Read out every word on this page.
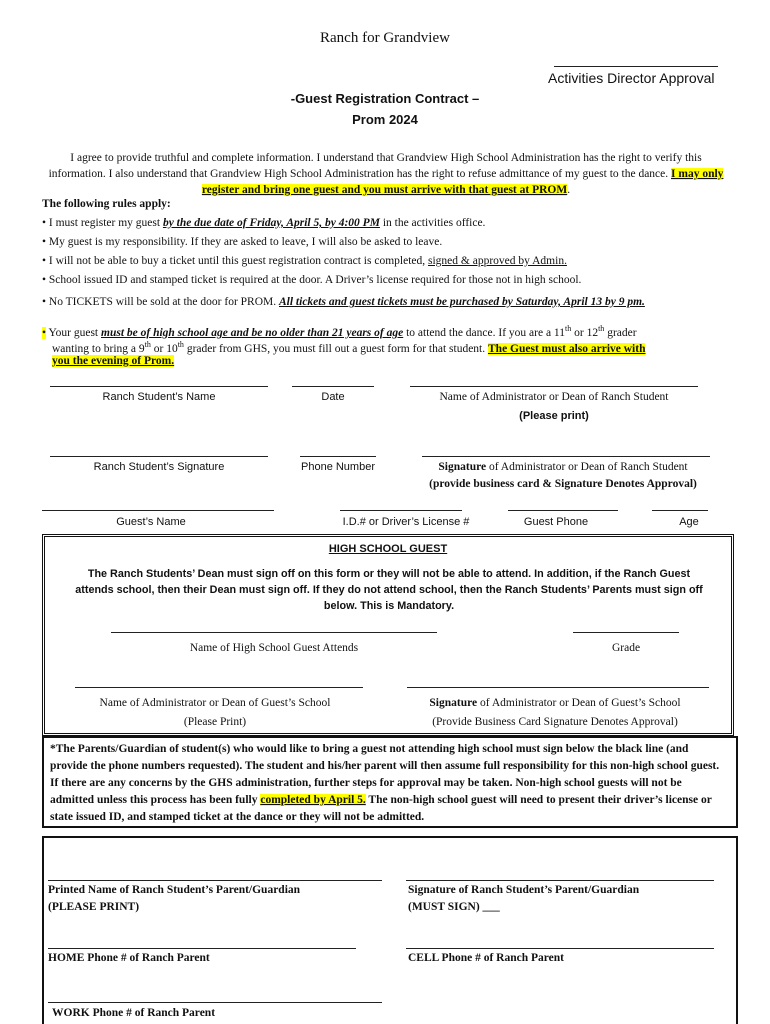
Ranch for Grandview
Activities Director Approval
-Guest Registration Contract –
Prom 2024
I agree to provide truthful and complete information. I understand that Grandview High School Administration has the right to verify this information. I also understand that Grandview High School Administration has the right to refuse admittance of my guest to the dance. I may only register and bring one guest and you must arrive with that guest at PROM.
The following rules apply:
• I must register my guest by the due date of Friday, April 5, by 4:00 PM in the activities office.
• My guest is my responsibility. If they are asked to leave, I will also be asked to leave.
• I will not be able to buy a ticket until this guest registration contract is completed, signed & approved by Admin.
• School issued ID and stamped ticket is required at the door. A Driver’s license required for those not in high school.
• No TICKETS will be sold at the door for PROM. All tickets and guest tickets must be purchased by Saturday, April 13 by 9 pm.
• Your guest must be of high school age and be no older than 21 years of age to attend the dance. If you are a 11th or 12th grader
wanting to bring a 9th or 10th grader from GHS, you must fill out a guest form for that student. The Guest must also arrive with
you the evening of Prom.
Ranch Student’s Name	Date	Name of Administrator or Dean of Ranch Student
(Please print)
Ranch Student’s Signature	Phone Number	Signature of Administrator or Dean of Ranch Student
(provide business card & Signature Denotes Approval)
Guest’s Name	I.D.# or Driver’s License #	Guest Phone	Age
HIGH SCHOOL GUEST
The Ranch Students’ Dean must sign off on this form or they will not be able to attend. In addition, if the Ranch Guest attends school, then their Dean must sign off. If they do not attend school, then the Ranch Students’ Parents must sign off below. This is Mandatory.
Name of High School Guest Attends	Grade
Name of Administrator or Dean of Guest’s School
(Please Print)
Signature of Administrator or Dean of Guest’s School
(Provide Business Card Signature Denotes Approval)
*The Parents/Guardian of student(s) who would like to bring a guest not attending high school must sign below the black line (and provide the phone numbers requested). The student and his/her parent will then assume full responsibility for this non-high school guest. If there are any concerns by the GHS administration, further steps for approval may be taken. Non-high school guests will not be admitted unless this process has been fully completed by April 5. The non-high school guest will need to present their driver’s license or state issued ID, and stamped ticket at the dance or they will not be admitted.
Printed Name of Ranch Student’s Parent/Guardian
(PLEASE PRINT)
Signature of Ranch Student’s Parent/Guardian
(MUST SIGN) ___
HOME Phone # of Ranch Parent	CELL Phone # of Ranch Parent
WORK Phone # of Ranch Parent
